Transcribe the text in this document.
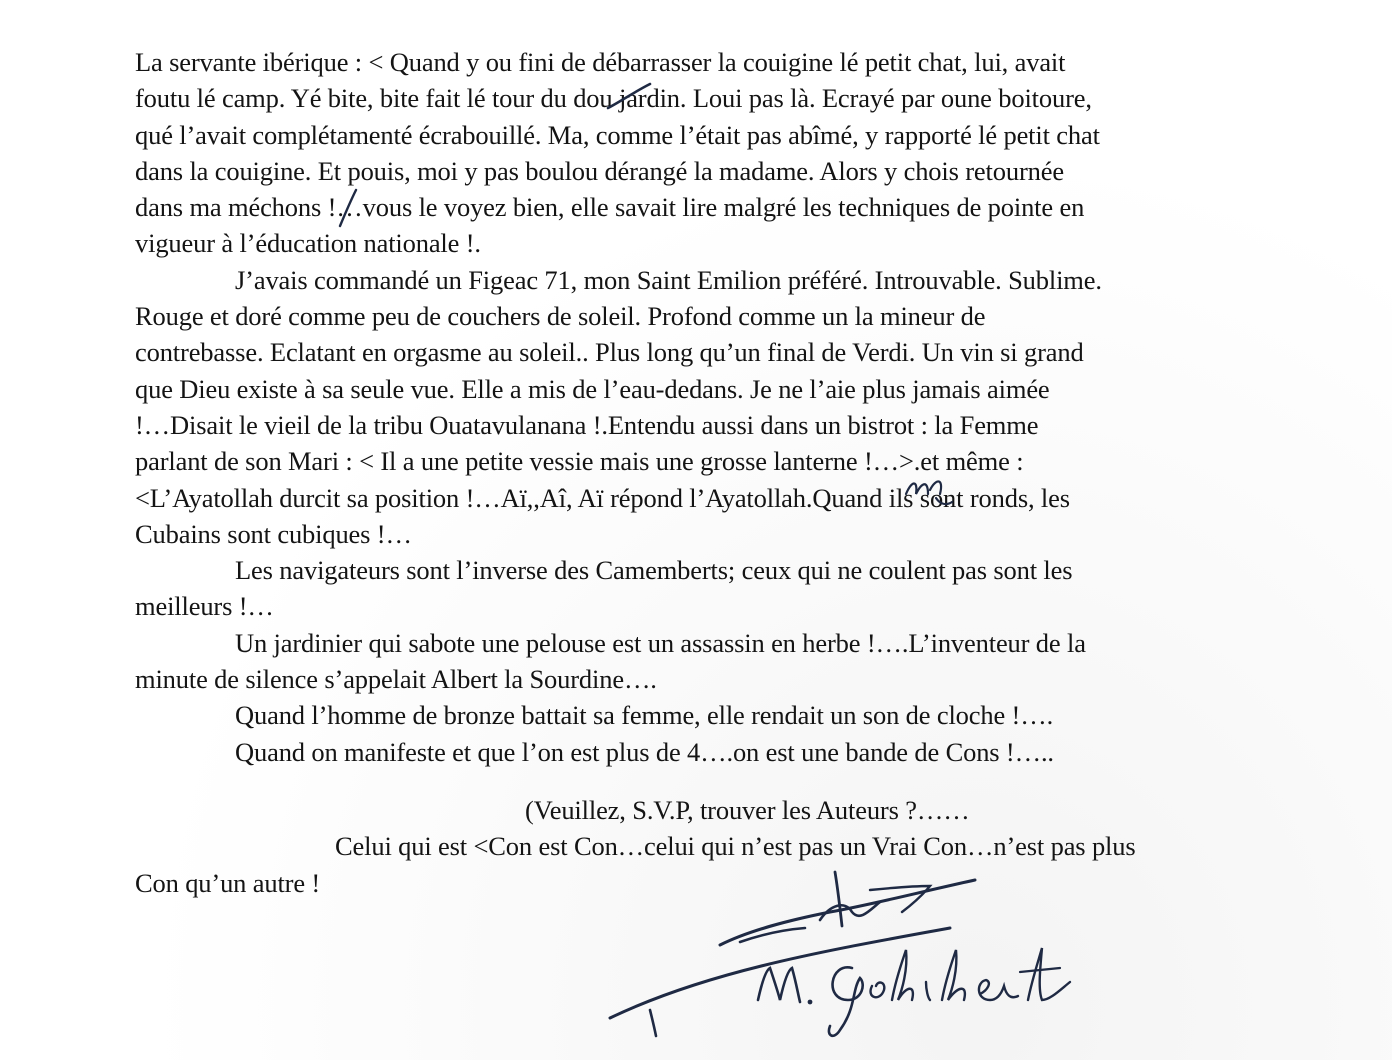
La servante ibérique : < Quand y ou fini de débarrasser la couigine lé petit chat, lui, avait
foutu lé camp. Yé bite, bite fait lé tour du dou jardin. Loui pas là. Ecrayé par oune boitoure,
qué l’avait complétamenté écrabouillé. Ma, comme l’était pas abîmé, y rapporté lé petit chat
dans la couigine. Et pouis, moi y pas boulou dérangé la madame. Alors y chois retournée
dans ma méchons !…vous le voyez bien, elle savait lire malgré les techniques de pointe en
vigueur à l’éducation nationale !.
J’avais commandé un Figeac 71, mon Saint Emilion préféré. Introuvable. Sublime.
Rouge et doré comme peu de couchers de soleil. Profond comme un la mineur de
contrebasse. Eclatant en orgasme au soleil.. Plus long qu’un final de Verdi. Un vin si grand
que Dieu existe à sa seule vue. Elle a mis de l’eau-dedans. Je ne l’aie plus jamais aimée
!…Disait le vieil de la tribu Ouatavulanana !.Entendu aussi dans un bistrot : la Femme
parlant de son Mari : < Il a une petite vessie mais une grosse lanterne !…>.et même :
<L’Ayatollah durcit sa position !…Aï,,Aî, Aï répond l’Ayatollah.Quand ils sont ronds, les
Cubains sont cubiques !…
Les navigateurs sont l’inverse des Camemberts; ceux qui ne coulent pas sont les
meilleurs !…
Un jardinier qui sabote une pelouse est un assassin en herbe !….L’inventeur de la
minute de silence s’appelait Albert la Sourdine….
Quand l’homme de bronze battait sa femme, elle rendait un son de cloche !….
Quand on manifeste et que l’on est plus de 4….on est une bande de Cons !…..
(Veuillez, S.V.P, trouver les Auteurs ?……
Celui qui est <Con est Con…celui qui n’est pas un Vrai Con…n’est pas plus
Con qu’un autre !
